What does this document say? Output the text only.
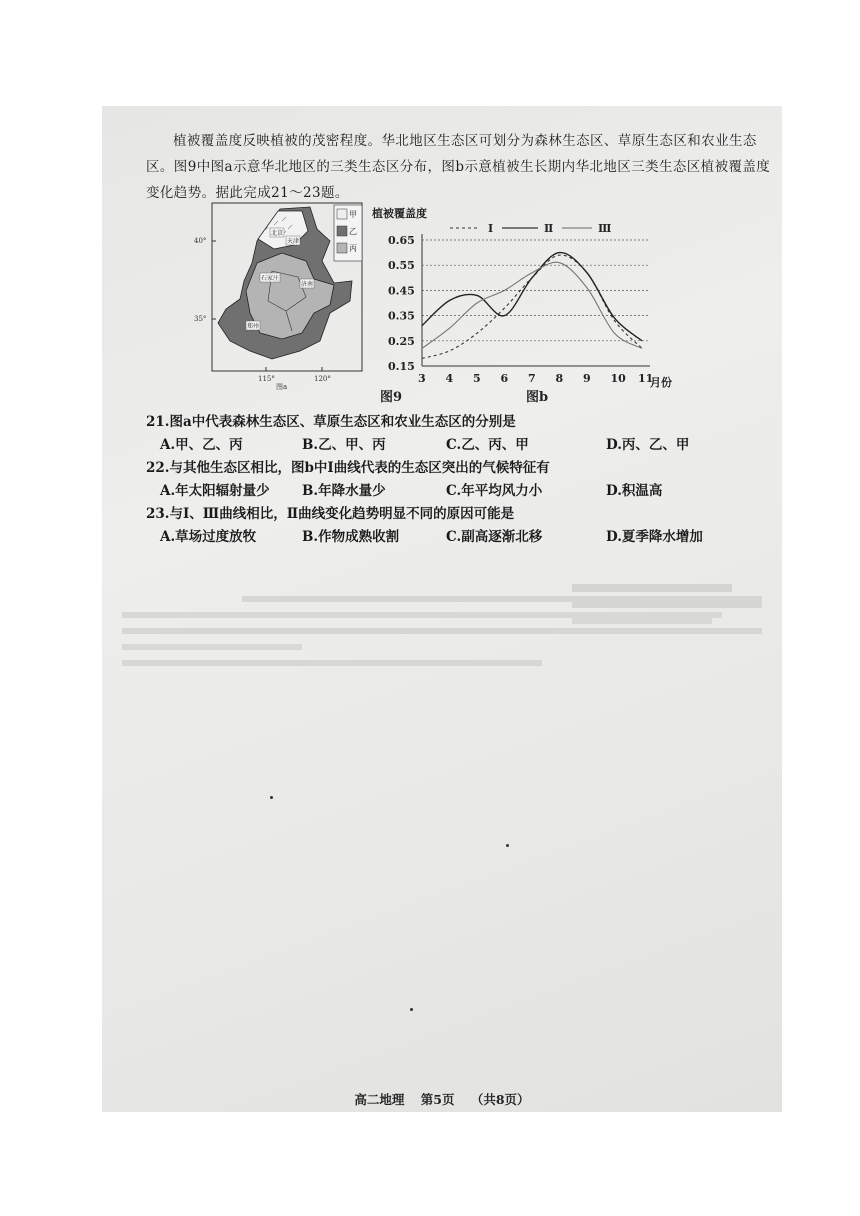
植被覆盖度反映植被的茂密程度。华北地区生态区可划分为森林生态区、草原生态区和农业生态区。图9中图a示意华北地区的三类生态区分布，图b示意植被生长期内华北地区三类生态区植被覆盖度变化趋势。据此完成21～23题。

40°
35°
115°	120°
北京
天津
石家庄
济南
郑州
甲
乙
丙
图a
植被覆盖度
Ⅰ	Ⅱ	Ⅲ
0.15
0.25
0.35
0.45
0.55
0.65
3 4 5 6 7 8 9 10 11
月份
图9	图b
21.图a中代表森林生态区、草原生态区和农业生态区的分别是
A.甲、乙、丙	B.乙、甲、丙	C.乙、丙、甲	D.丙、乙、甲
22.与其他生态区相比，图b中Ⅰ曲线代表的生态区突出的气候特征有
A.年太阳辐射量少 B.年降水量少	C.年平均风力小	D.积温高
23.与Ⅰ、Ⅲ曲线相比，Ⅱ曲线变化趋势明显不同的原因可能是
A.草场过度放牧	B.作物成熟收割	C.副高逐渐北移	D.夏季降水增加
高二地理 第5页 （共8页）
